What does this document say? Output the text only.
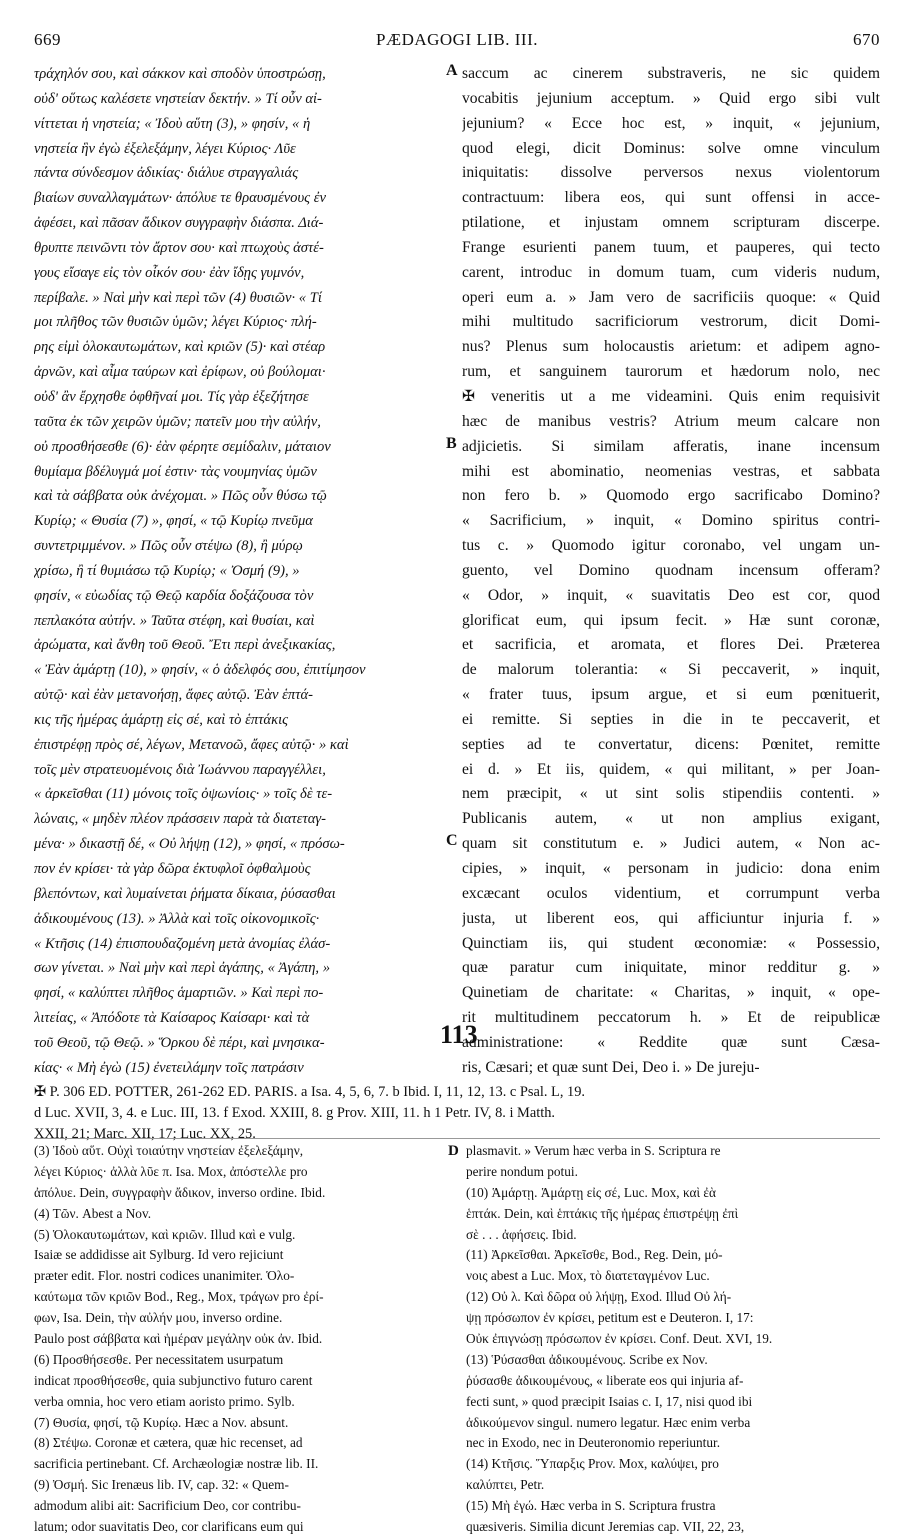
669	PÆDAGOGI LIB. III.	670
τράχηλόν σου, καὶ σάκκον καὶ σποδὸν ὑποστρώσῃ,
οὐδ' οὕτως καλέσετε νηστείαν δεκτήν. » Τί οὖν αἰ-
νίττεται ἡ νηστεία; « Ἰδοὺ αὕτη (3), » φησίν, « ἡ
νηστεία ἣν ἐγὼ ἐξελεξάμην, λέγει Κύριος· Λῦε
πάντα σύνδεσμον ἀδικίας· διάλυε στραγγαλιάς
βιαίων συναλλαγμάτων· ἀπόλυε τε θραυσμένους ἐν
ἀφέσει, καὶ πᾶσαν ἄδικον συγγραφὴν διάσπα. Διά-
θρυπτε πεινῶντι τὸν ἄρτον σου· καὶ πτωχοὺς ἀστέ-
γους εἴσαγε εἰς τὸν οἶκόν σου· ἐὰν ἴδῃς γυμνόν,
περίβαλε. » Ναὶ μὴν καὶ περὶ τῶν (4) θυσιῶν· « Τί
μοι πλῆθος τῶν θυσιῶν ὑμῶν; λέγει Κύριος· πλή-
ρης εἰμὶ ὁλοκαυτωμάτων, καὶ κριῶν (5)· καὶ στέαρ
ἀρνῶν, καὶ αἷμα ταύρων καὶ ἐρίφων, οὐ βούλομαι·
οὐδ' ἂν ἔρχησθε ὀφθῆναί μοι. Τίς γὰρ ἐξεζήτησε
ταῦτα ἐκ τῶν χειρῶν ὑμῶν; πατεῖν μου τὴν αὐλήν,
οὐ προσθήσεσθε (6)· ἐὰν φέρητε σεμίδαλιν, μάταιον
θυμίαμα βδέλυγμά μοί ἐστιν· τὰς νουμηνίας ὑμῶν
καὶ τὰ σάββατα οὐκ ἀνέχομαι. » Πῶς οὖν θύσω τῷ
Κυρίῳ; « Θυσία (7) », φησί, « τῷ Κυρίῳ πνεῦμα
συντετριμμένον. » Πῶς οὖν στέψω (8), ἢ μύρῳ
χρίσω, ἢ τί θυμιάσω τῷ Κυρίῳ; « Ὀσμή (9), »
φησίν, « εὐωδίας τῷ Θεῷ καρδία δοξάζουσα τὸν
πεπλακότα αὐτήν. » Ταῦτα στέφη, καὶ θυσίαι, καὶ
ἀρώματα, καὶ ἄνθη τοῦ Θεοῦ. Ἔτι περὶ ἀνεξικακίας,
« Ἐὰν ἁμάρτῃ (10), » φησίν, « ὁ ἀδελφός σου, ἐπιτίμησον
αὐτῷ· καὶ ἐὰν μετανοήσῃ, ἄφες αὐτῷ. Ἐὰν ἑπτά-
κις τῆς ἡμέρας ἁμάρτῃ εἰς σέ, καὶ τὸ ἑπτάκις
ἐπιστρέφῃ πρὸς σέ, λέγων, Μετανοῶ, ἄφες αὐτῷ· » καὶ
τοῖς μὲν στρατευομένοις διὰ Ἰωάννου παραγγέλλει,
« ἀρκεῖσθαι (11) μόνοις τοῖς ὀψωνίοις· » τοῖς δὲ τε-
λώναις, « μηδὲν πλέον πράσσειν παρὰ τὰ διατεταγ-
μένα· » δικαστῇ δέ, « Οὐ λήψῃ (12), » φησί, « πρόσω-
πον ἐν κρίσει· τὰ γὰρ δῶρα ἐκτυφλοῖ ὀφθαλμοὺς
βλεπόντων, καὶ λυμαίνεται ῥήματα δίκαια, ῥύσασθαι
ἀδικουμένους (13). » Ἀλλὰ καὶ τοῖς οἰκονομικοῖς·
« Κτῆσις (14) ἐπισπουδαζομένη μετὰ ἀνομίας ἐλάσ-
σων γίνεται. » Ναὶ μὴν καὶ περὶ ἀγάπης, « Ἀγάπη, »
φησί, « καλύπτει πλῆθος ἁμαρτιῶν. » Καὶ περὶ πο-
λιτείας, « Ἀπόδοτε τὰ Καίσαρος Καίσαρι· καὶ τὰ
τοῦ Θεοῦ, τῷ Θεῷ. » Ὅρκου δὲ πέρι, καὶ μνησικα-
κίας· « Μὴ ἐγὼ (15) ἐνετειλάμην τοῖς πατράσιν
A
B
C
saccum ac cinerem substraveris, ne sic quidem
vocabitis jejunium acceptum. » Quid ergo sibi vult
jejunium? « Ecce hoc est, » inquit, « jejunium,
quod elegi, dicit Dominus: solve omne vinculum
iniquitatis: dissolve perversos nexus violentorum
contractuum: libera eos, qui sunt offensi in acce-
ptilatione, et injustam omnem scripturam discerpe.
Frange esurienti panem tuum, et pauperes, qui tecto
carent, introduc in domum tuam, cum videris nudum,
operi eum a. » Jam vero de sacrificiis quoque: « Quid
mihi multitudo sacrificiorum vestrorum, dicit Domi-
nus? Plenus sum holocaustis arietum: et adipem agno-
rum, et sanguinem taurorum et hædorum nolo, nec
✠ veneritis ut a me videamini. Quis enim requisivit
hæc de manibus vestris? Atrium meum calcare non
adjicietis. Si similam afferatis, inane incensum
mihi est abominatio, neomenias vestras, et sabbata
non fero b. » Quomodo ergo sacrificabo Domino?
« Sacrificium, » inquit, « Domino spiritus contri-
tus c. » Quomodo igitur coronabo, vel ungam un-
guento, vel Domino quodnam incensum offeram?
« Odor, » inquit, « suavitatis Deo est cor, quod
glorificat eum, qui ipsum fecit. » Hæ sunt coronæ,
et sacrificia, et aromata, et flores Dei. Præterea
de malorum tolerantia: « Si peccaverit, » inquit,
« frater tuus, ipsum argue, et si eum pœnituerit,
ei remitte. Si septies in die in te peccaverit, et
septies ad te convertatur, dicens: Pœnitet, remitte
ei d. » Et iis, quidem, « qui militant, » per Joan-
nem præcipit, « ut sint solis stipendiis contenti. »
Publicanis autem, « ut non amplius exigant,
quam sit constitutum e. » Judici autem, « Non ac-
cipies, » inquit, « personam in judicio: dona enim
excæcant oculos videntium, et corrumpunt verba
justa, ut liberent eos, qui afficiuntur injuria f. »
Quinctiam iis, qui student œconomiæ: « Possessio,
quæ paratur cum iniquitate, minor redditur g. »
Quinetiam de charitate: « Charitas, » inquit, « ope-
rit multitudinem peccatorum h. » Et de reipublicæ
administratione: « Reddite quæ sunt Cæsa-
ris, Cæsari; et quæ sunt Dei, Deo i. » De jureju-
113
✠ P. 306 ED. POTTER, 261-262 ED. PARIS. a Isa. 4, 5, 6, 7. b Ibid. I, 11, 12, 13. c Psal. L, 19.
d Luc. XVII, 3, 4. e Luc. III, 13. f Exod. XXIII, 8. g Prov. XIII, 11. h 1 Petr. IV, 8. i Matth.
XXII, 21; Marc. XII, 17; Luc. XX, 25.
(3) Ἰδοὺ αὕτ. Οὐχὶ τοιαύτην νηστείαν ἐξελεξάμην,
λέγει Κύριος· ἀλλὰ λῦε π. Isa. Mox, ἀπόστελλε pro
ἀπόλυε. Dein, συγγραφὴν ἄδικον, inverso ordine. Ibid.
(4) Τῶν. Abest a Nov.
(5) Ὁλοκαυτωμάτων, καὶ κριῶν. Illud καὶ e vulg.
Isaiæ se addidisse ait Sylburg. Id vero rejiciunt
præter edit. Flor. nostri codices unanimiter. Ὁλο-
καύτωμα τῶν κριῶν Bod., Reg., Mox, τράγων pro ἐρί-
φων, Isa. Dein, τὴν αὐλήν μου, inverso ordine.
Paulo post σάββατα καὶ ἡμέραν μεγάλην οὐκ ἀν. Ibid.
(6) Προσθήσεσθε. Per necessitatem usurpatum
indicat προσθήσεσθε, quia subjunctivo futuro carent
verba omnia, hoc vero etiam aoristo primo. Sylb.
(7) Θυσία, φησί, τῷ Κυρίῳ. Hæc a Nov. absunt.
(8) Στέψω. Coronæ et cætera, quæ hic recenset, ad
sacrificia pertinebant. Cf. Archæologiæ nostræ lib. II.
(9) Ὀσμή. Sic Irenæus lib. IV, cap. 32: « Quem-
admodum alibi ait: Sacrificium Deo, cor contribu-
latum; odor suavitatis Deo, cor clarificans eum qui
D plasmavit. » Verum hæc verba in S. Scriptura re
perire nondum potui.
(10) Ἁμάρτῃ. Ἁμάρτῃ εἰς σέ, Luc. Mox, καὶ ἐὰ
ἑπτάκ. Dein, καὶ ἑπτάκις τῆς ἡμέρας ἐπιστρέψῃ ἐπὶ
σὲ . . . ἀφήσεις. Ibid.
(11) Ἀρκεῖσθαι. Ἀρκεῖσθε, Bod., Reg. Dein, μό-
νοις abest a Luc. Mox, τὸ διατεταγμένον Luc.
(12) Οὐ λ. Καὶ δῶρα οὐ λήψῃ, Exod. Illud Οὐ λή-
ψῃ πρόσωπον ἐν κρίσει, petitum est e Deuteron. I, 17:
Οὐκ ἐπιγνώσῃ πρόσωπον ἐν κρίσει. Conf. Deut. XVI, 19.
(13) Ῥύσασθαι ἀδικουμένους. Scribe ex Nov.
ῥύσασθε ἀδικουμένους, « liberate eos qui injuria af-
fecti sunt, » quod præcipit Isaias c. I, 17, nisi quod ibi
ἀδικούμενον singul. numero legatur. Hæc enim verba
nec in Exodo, nec in Deuteronomio reperiuntur.
(14) Κτῆσις. Ὕπαρξις Prov. Mox, καλύψει, pro
καλύπτει, Petr.
(15) Μὴ ἐγώ. Hæc verba in S. Scriptura frustra
quæsiveris. Similia dicunt Jeremias cap. VII, 22, 23,
